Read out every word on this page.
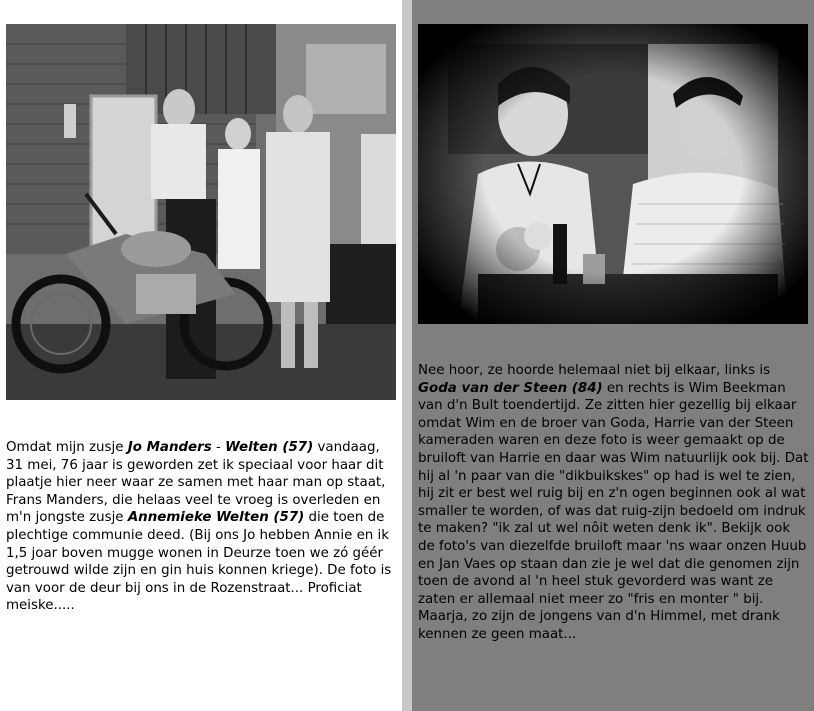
Omdat mijn zusje Jo Manders - Welten (57) vandaag, 31 mei, 76 jaar is geworden zet ik speciaal voor haar dit plaatje hier neer waar ze samen met haar man op staat, Frans Manders, die helaas veel te vroeg is overleden en m'n jongste zusje Annemieke Welten (57) die toen de plechtige communie deed. (Bij ons Jo hebben Annie en ik 1,5 joar boven mugge wonen in Deurze toen we zó géér getrouwd wilde zijn en gin huis konnen kriege). De foto is van voor de deur bij ons in de Rozenstraat... Proficiat meiske.....
Nee hoor, ze hoorde helemaal niet bij elkaar, links is Goda van der Steen (84) en rechts is Wim Beekman van d'n Bult toendertijd. Ze zitten hier gezellig bij elkaar omdat Wim en de broer van Goda, Harrie van der Steen kameraden waren en deze foto is weer gemaakt op de bruiloft van Harrie en daar was Wim natuurlijk ook bij. Dat hij al 'n paar van die "dikbuikskes" op had is wel te zien, hij zit er best wel ruig bij en z'n ogen beginnen ook al wat smaller te worden, of was dat ruig-zijn bedoeld om indruk te maken? "ik zal ut wel nôit weten denk ik". Bekijk ook de foto's van diezelfde bruiloft maar 'ns waar onzen Huub en Jan Vaes op staan dan zie je wel dat die genomen zijn toen de avond al 'n heel stuk gevorderd was want ze zaten er allemaal niet meer zo "fris en monter " bij. Maarja, zo zijn de jongens van d'n Himmel, met drank kennen ze geen maat...
